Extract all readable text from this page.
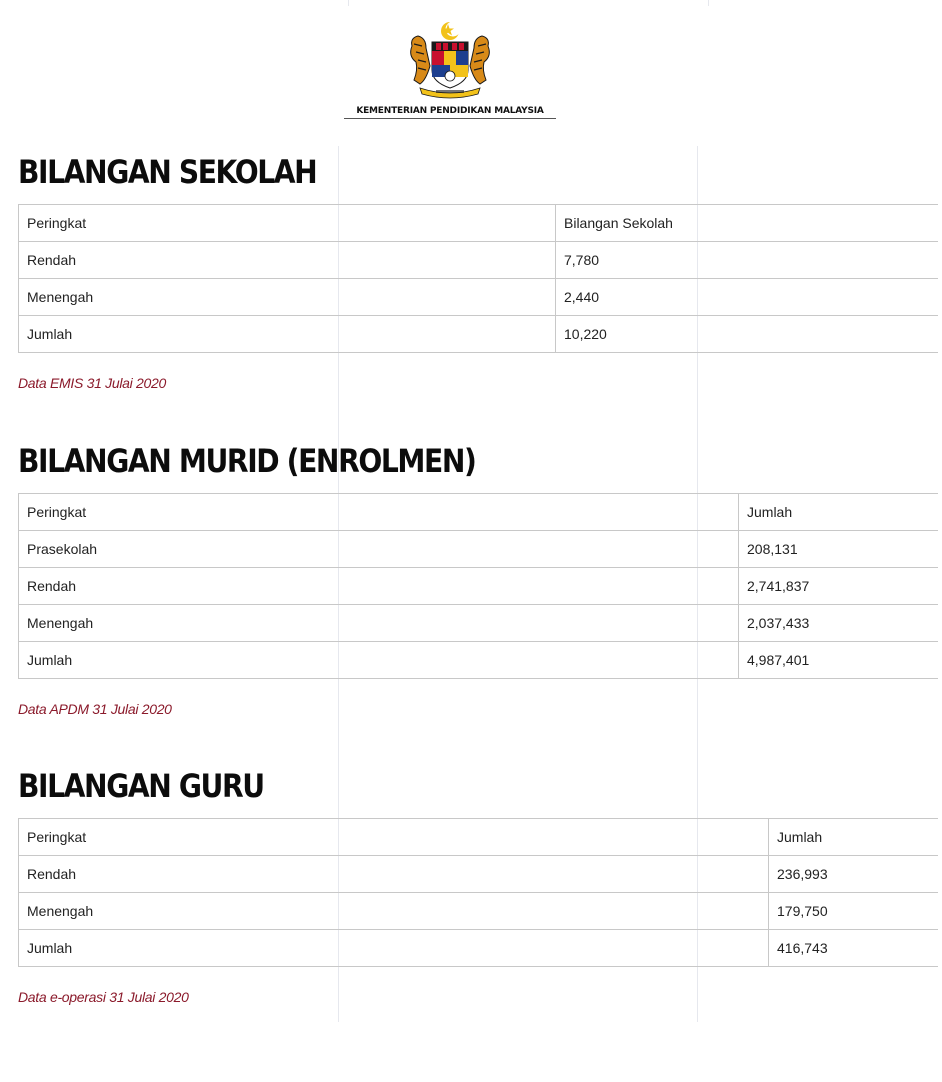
KEMENTERIAN PENDIDIKAN MALAYSIA
BILANGAN SEKOLAH
Peringkat	Bilangan Sekolah
Rendah	7,780
Menengah	2,440
Jumlah	10,220

Data EMIS 31 Julai 2020

BILANGAN MURID (ENROLMEN)
Peringkat	Jumlah
Prasekolah	208,131
Rendah	2,741,837
Menengah	2,037,433
Jumlah	4,987,401

Data APDM 31 Julai 2020

BILANGAN GURU
Peringkat	Jumlah
Rendah	236,993
Menengah	179,750
Jumlah	416,743

Data e-operasi 31 Julai 2020
